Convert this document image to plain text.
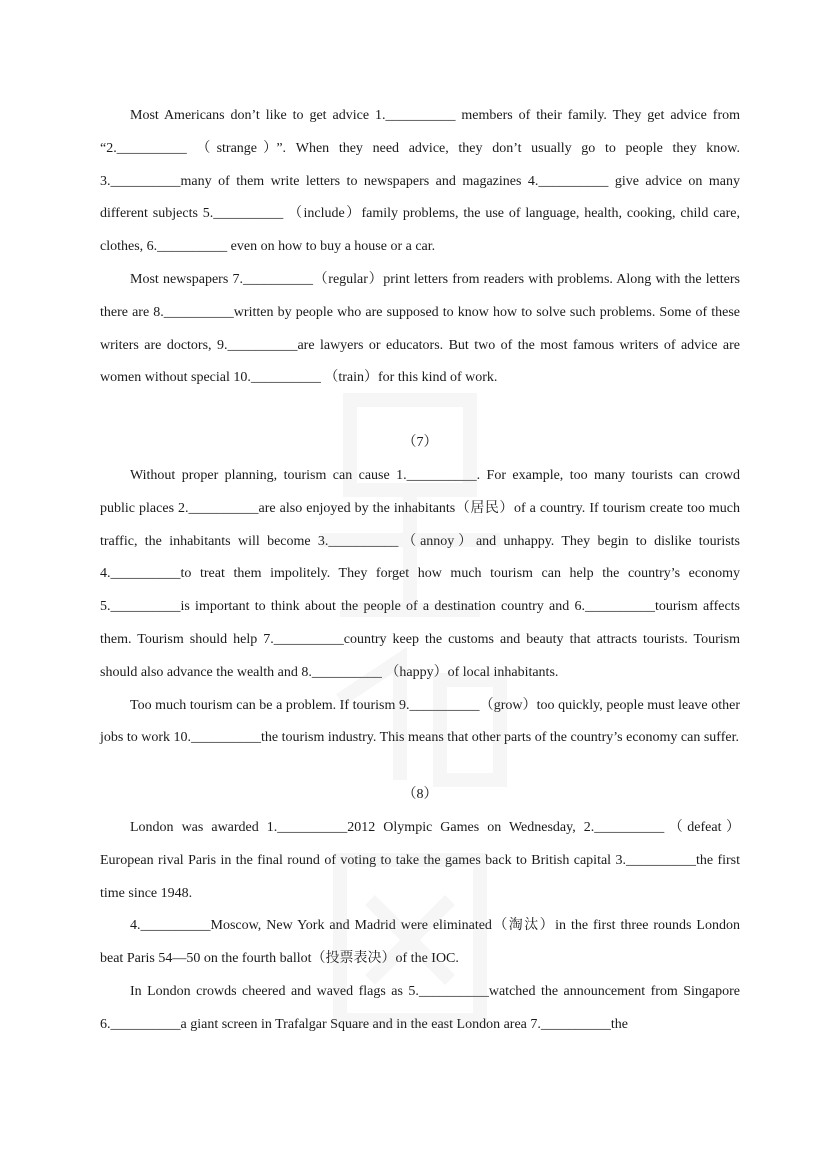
Most Americans don’t like to get advice 1.__________ members of their family. They get advice from “2.__________ （strange）”. When they need advice, they don’t usually go to people they know. 3.__________many of them write letters to newspapers and magazines 4.__________ give advice on many different subjects 5.__________ （include）family problems, the use of language, health, cooking, child care, clothes, 6.__________ even on how to buy a house or a car.

Most newspapers 7.__________（regular）print letters from readers with problems. Along with the letters there are 8.__________written by people who are supposed to know how to solve such problems. Some of these writers are doctors, 9.__________are lawyers or educators. But two of the most famous writers of advice are women without special 10.__________ （train）for this kind of work.

（7）

Without proper planning, tourism can cause 1.__________. For example, too many tourists can crowd public places 2.__________are also enjoyed by the inhabitants（居民）of a country. If tourism create too much traffic, the inhabitants will become 3.__________（annoy）and unhappy. They begin to dislike tourists 4.__________to treat them impolitely. They forget how much tourism can help the country’s economy 5.__________is important to think about the people of a destination country and 6.__________tourism affects them. Tourism should help 7.__________country keep the customs and beauty that attracts tourists. Tourism should also advance the wealth and 8.__________ （happy）of local inhabitants.

Too much tourism can be a problem. If tourism 9.__________（grow）too quickly, people must leave other jobs to work 10.__________the tourism industry. This means that other parts of the country’s economy can suffer.

（8）

London was awarded 1.__________2012 Olympic Games on Wednesday, 2.__________（defeat）European rival Paris in the final round of voting to take the games back to British capital 3.__________the first time since 1948.

4.__________Moscow, New York and Madrid were eliminated（淘汰）in the first three rounds London beat Paris 54—50 on the fourth ballot（投票表决）of the IOC.

In London crowds cheered and waved flags as 5.__________watched the announcement from Singapore 6.__________a giant screen in Trafalgar Square and in the east London area 7.__________the
